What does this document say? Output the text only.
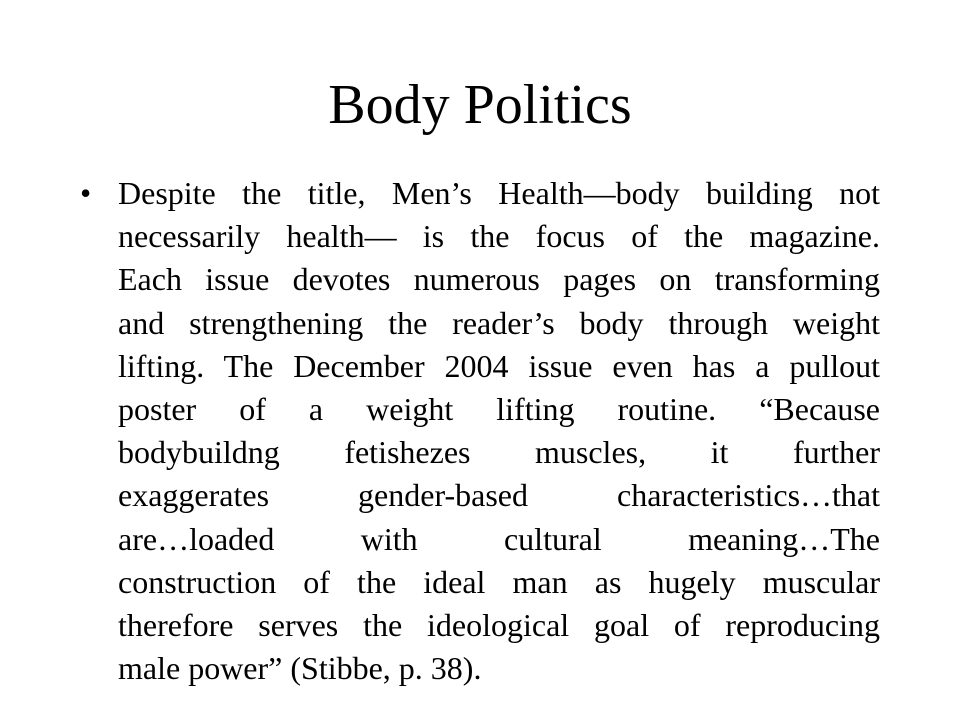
Body Politics
• Despite the title, Men’s Health—body building not
necessarily health— is the focus of the magazine.
Each issue devotes numerous pages on transforming
and strengthening the reader’s body through weight
lifting. The December 2004 issue even has a pullout
poster of a weight lifting routine. “Because
bodybuildng fetishezes muscles, it further
exaggerates gender-based characteristics…that
are…loaded with cultural meaning…The
construction of the ideal man as hugely muscular
therefore serves the ideological goal of reproducing
male power” (Stibbe, p. 38).
